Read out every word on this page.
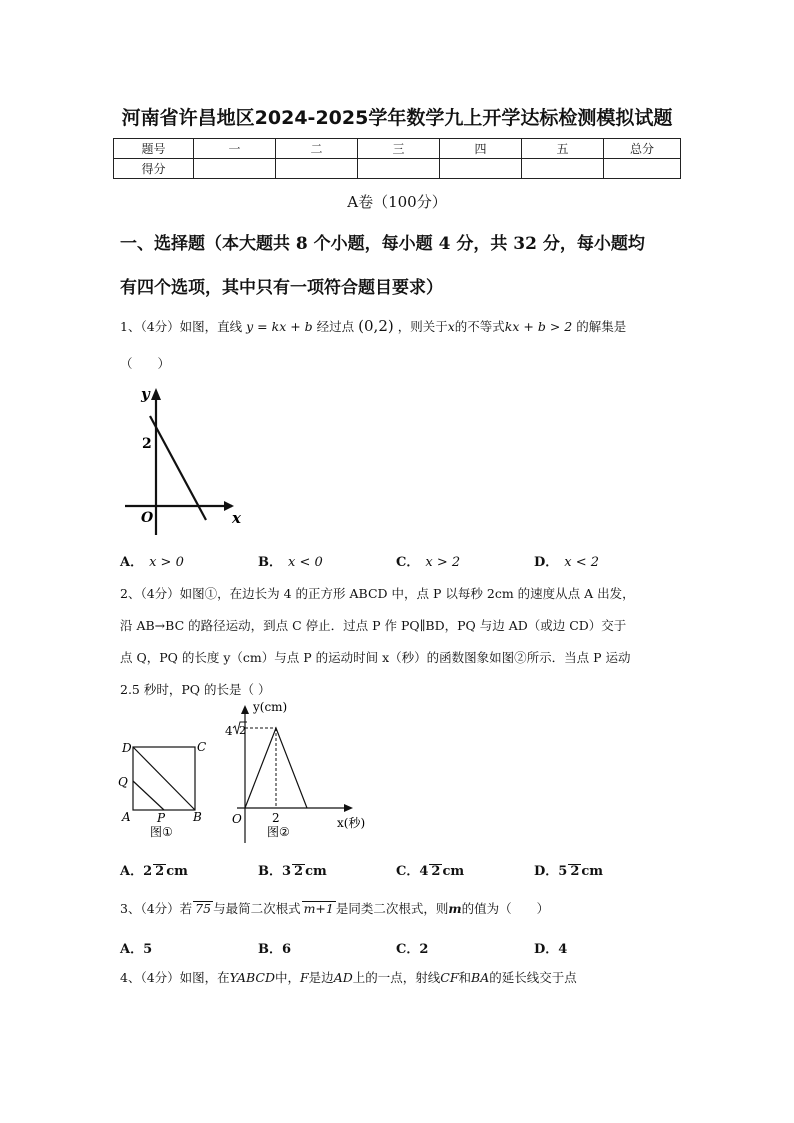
河南省许昌地区2024-2025学年数学九上开学达标检测模拟试题
题号	一	二	三	四	五	总分
得分						
A卷（100分）
一、选择题（本大题共 8 个小题，每小题 4 分，共 32 分，每小题均
有四个选项，其中只有一项符合题目要求）
1、（4分）如图，直线 y = kx + b 经过点 (0,2) ，则关于x的不等式kx + b > 2 的解集是
（　　）
y
x
O
2
A． x > 0	B． x < 0	C． x > 2	D． x < 2
2、（4分）如图①，在边长为 4 的正方形 ABCD 中，点 P 以每秒 2cm 的速度从点 A 出发，
沿 AB→BC 的路径运动，到点 C 停止．过点 P 作 PQ∥BD，PQ 与边 AD（或边 CD）交于
点 Q，PQ 的长度 y（cm）与点 P 的运动时间 x（秒）的函数图象如图②所示．当点 P 运动
2.5 秒时，PQ 的长是（ ）
D	C
Q
A P B
图①
y(cm)
4 2
O	2	x(秒)
图②
A．2 2 cm	B．3 2 cm	C．4 2 cm	D．5 2 cm
3、（4分）若 75 与最简二次根式 m+1 是同类二次根式，则m的值为（　　）
A．5	B．6	C．2	D．4
4、（4分）如图，在YABCD中，F是边AD上的一点，射线CF和BA的延长线交于点
